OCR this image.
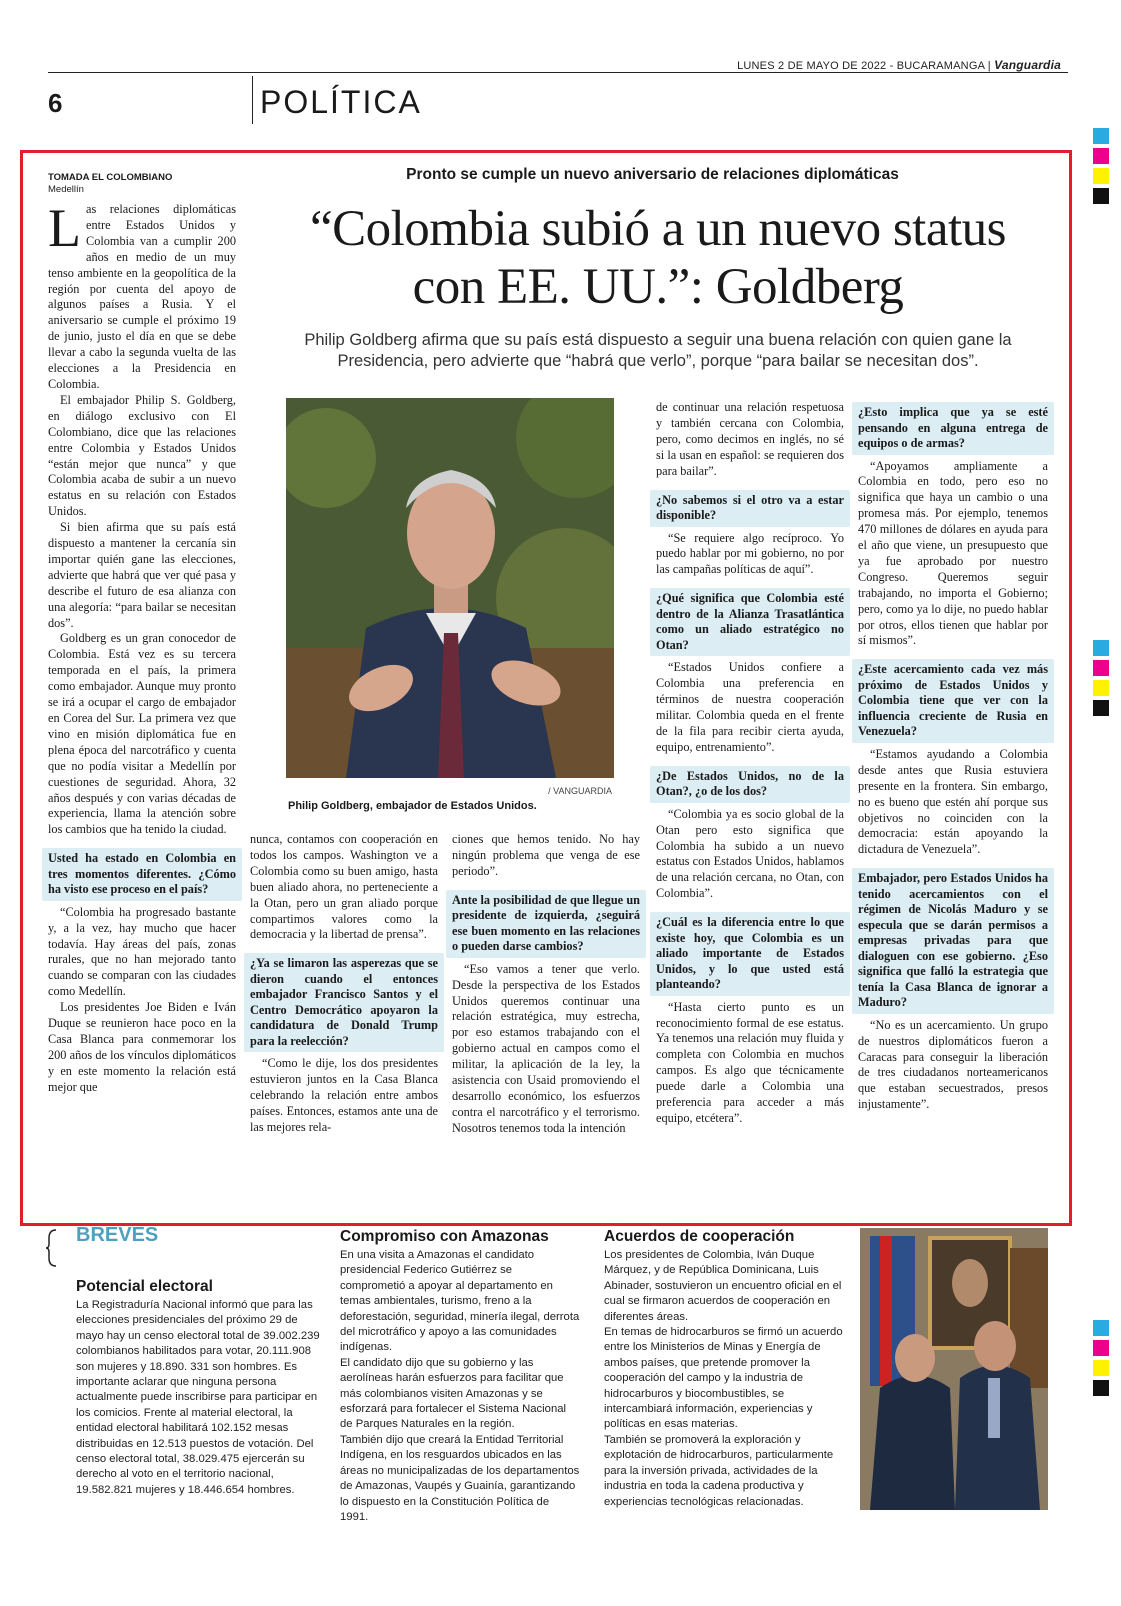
LUNES 2 DE MAYO DE 2022 - BUCARAMANGA | Vanguardia
6	POLÍTICA
TOMADA EL COLOMBIANO
Medellín
Pronto se cumple un nuevo aniversario de relaciones diplomáticas
“Colombia subió a un nuevo status
con EE. UU.”: Goldberg
Philip Goldberg afirma que su país está dispuesto a seguir una buena relación con quien gane la Presidencia, pero advierte que “habrá que verlo”, porque “para bailar se necesitan dos”.

Las relaciones diplomáticas entre Estados Unidos y Colombia van a cumplir 200 años en medio de un muy tenso ambiente en la geopolítica de la región por cuenta del apoyo de algunos países a Rusia. Y el aniversario se cumple el próximo 19 de junio, justo el día en que se debe llevar a cabo la segunda vuelta de las elecciones a la Presidencia en Colombia.

El embajador Philip S. Goldberg, en diálogo exclusivo con El Colombiano, dice que las relaciones entre Colombia y Estados Unidos “están mejor que nunca” y que Colombia acaba de subir a un nuevo estatus en su relación con Estados Unidos.

Si bien afirma que su país está dispuesto a mantener la cercanía sin importar quién gane las elecciones, advierte que habrá que ver qué pasa y describe el futuro de esa alianza con una alegoría: “para bailar se necesitan dos”.

Goldberg es un gran conocedor de Colombia. Está vez es su tercera temporada en el país, la primera como embajador. Aunque muy pronto se irá a ocupar el cargo de embajador en Corea del Sur. La primera vez que vino en misión diplomática fue en plena época del narcotráfico y cuenta que no podía visitar a Medellín por cuestiones de seguridad. Ahora, 32 años después y con varias décadas de experiencia, llama la atención sobre los cambios que ha tenido la ciudad.

Usted ha estado en Colombia en tres momentos diferentes. ¿Cómo ha visto ese proceso en el país?

“Colombia ha progresado bastante y, a la vez, hay mucho que hacer todavía. Hay áreas del país, zonas rurales, que no han mejorado tanto cuando se comparan con las ciudades como Medellín.

Los presidentes Joe Biden e Iván Duque se reunieron hace poco en la Casa Blanca para conmemorar los 200 años de los vínculos diplomáticos y en este momento la relación está mejor que

/ VANGUARDIA
Philip Goldberg, embajador de Estados Unidos.

nunca, contamos con cooperación en todos los campos. Washington ve a Colombia como su buen amigo, hasta buen aliado ahora, no perteneciente a la Otan, pero un gran aliado porque compartimos valores como la democracia y la libertad de prensa”.

¿Ya se limaron las asperezas que se dieron cuando el entonces embajador Francisco Santos y el Centro Democrático apoyaron la candidatura de Donald Trump para la reelección?

“Como le dije, los dos presidentes estuvieron juntos en la Casa Blanca celebrando la relación entre ambos países. Entonces, estamos ante una de las mejores rela-

ciones que hemos tenido. No hay ningún problema que venga de ese periodo”.

Ante la posibilidad de que llegue un presidente de izquierda, ¿seguirá ese buen momento en las relaciones o pueden darse cambios?

“Eso vamos a tener que verlo. Desde la perspectiva de los Estados Unidos queremos continuar una relación estratégica, muy estrecha, por eso estamos trabajando con el gobierno actual en campos como el militar, la aplicación de la ley, la asistencia con Usaid promoviendo el desarrollo económico, los esfuerzos contra el narcotráfico y el terrorismo. Nosotros tenemos toda la intención

de continuar una relación respetuosa y también cercana con Colombia, pero, como decimos en inglés, no sé si la usan en español: se requieren dos para bailar”.

¿No sabemos si el otro va a estar disponible?

“Se requiere algo recíproco. Yo puedo hablar por mi gobierno, no por las campañas políticas de aquí”.

¿Qué significa que Colombia esté dentro de la Alianza Trasatlántica como un aliado estratégico no Otan?

“Estados Unidos confiere a Colombia una preferencia en términos de nuestra cooperación militar. Colombia queda en el frente de la fila para recibir cierta ayuda, equipo, entrenamiento”.

¿De Estados Unidos, no de la Otan?, ¿o de los dos?

“Colombia ya es socio global de la Otan pero esto significa que Colombia ha subido a un nuevo estatus con Estados Unidos, hablamos de una relación cercana, no Otan, con Colombia”.

¿Cuál es la diferencia entre lo que existe hoy, que Colombia es un aliado importante de Estados Unidos, y lo que usted está planteando?

“Hasta cierto punto es un reconocimiento formal de ese estatus. Ya tenemos una relación muy fluida y completa con Colombia en muchos campos. Es algo que técnicamente puede darle a Colombia una preferencia para acceder a más equipo, etcétera”.

¿Esto implica que ya se esté pensando en alguna entrega de equipos o de armas?

“Apoyamos ampliamente a Colombia en todo, pero eso no significa que haya un cambio o una promesa más. Por ejemplo, tenemos 470 millones de dólares en ayuda para el año que viene, un presupuesto que ya fue aprobado por nuestro Congreso. Queremos seguir trabajando, no importa el Gobierno; pero, como ya lo dije, no puedo hablar por otros, ellos tienen que hablar por sí mismos”.

¿Este acercamiento cada vez más próximo de Estados Unidos y Colombia tiene que ver con la influencia creciente de Rusia en Venezuela?

“Estamos ayudando a Colombia desde antes que Rusia estuviera presente en la frontera. Sin embargo, no es bueno que estén ahí porque sus objetivos no coinciden con la democracia: están apoyando la dictadura de Venezuela”.

Embajador, pero Estados Unidos ha tenido acercamientos con el régimen de Nicolás Maduro y se especula que se darán permisos a empresas privadas para que dialoguen con ese gobierno. ¿Eso significa que falló la estrategia que tenía la Casa Blanca de ignorar a Maduro?

“No es un acercamiento. Un grupo de nuestros diplomáticos fueron a Caracas para conseguir la liberación de tres ciudadanos norteamericanos que estaban secuestrados, presos injustamente”.

BREVES
Potencial electoral

La Registraduría Nacional informó que para las elecciones presidenciales del próximo 29 de mayo hay un censo electoral total de 39.002.239 colombianos habilitados para votar, 20.111.908 son mujeres y 18.890. 331 son hombres. Es importante aclarar que ninguna persona actualmente puede inscribirse para participar en los comicios. Frente al material electoral, la entidad electoral habilitará 102.152 mesas distribuidas en 12.513 puestos de votación. Del censo electoral total, 38.029.475 ejercerán su derecho al voto en el territorio nacional, 19.582.821 mujeres y 18.446.654 hombres.

Compromiso con Amazonas

En una visita a Amazonas el candidato presidencial Federico Gutiérrez se comprometió a apoyar al departamento en temas ambientales, turismo, freno a la deforestación, seguridad, minería ilegal, derrota del microtráfico y apoyo a las comunidades indígenas.

El candidato dijo que su gobierno y las aerolíneas harán esfuerzos para facilitar que más colombianos visiten Amazonas y se esforzará para fortalecer el Sistema Nacional de Parques Naturales en la región.

También dijo que creará la Entidad Territorial Indígena, en los resguardos ubicados en las áreas no municipalizadas de los departamentos de Amazonas, Vaupés y Guainía, garantizando lo dispuesto en la Constitución Política de 1991.

Acuerdos de cooperación

Los presidentes de Colombia, Iván Duque Márquez, y de República Dominicana, Luis Abinader, sostuvieron un encuentro oficial en el cual se firmaron acuerdos de cooperación en diferentes áreas.

En temas de hidrocarburos se firmó un acuerdo entre los Ministerios de Minas y Energía de ambos países, que pretende promover la cooperación del campo y la industria de hidrocarburos y biocombustibles, se intercambiará información, experiencias y políticas en esas materias.

También se promoverá la exploración y explotación de hidrocarburos, particularmente para la inversión privada, actividades de la industria en toda la cadena productiva y experiencias tecnológicas relacionadas.
